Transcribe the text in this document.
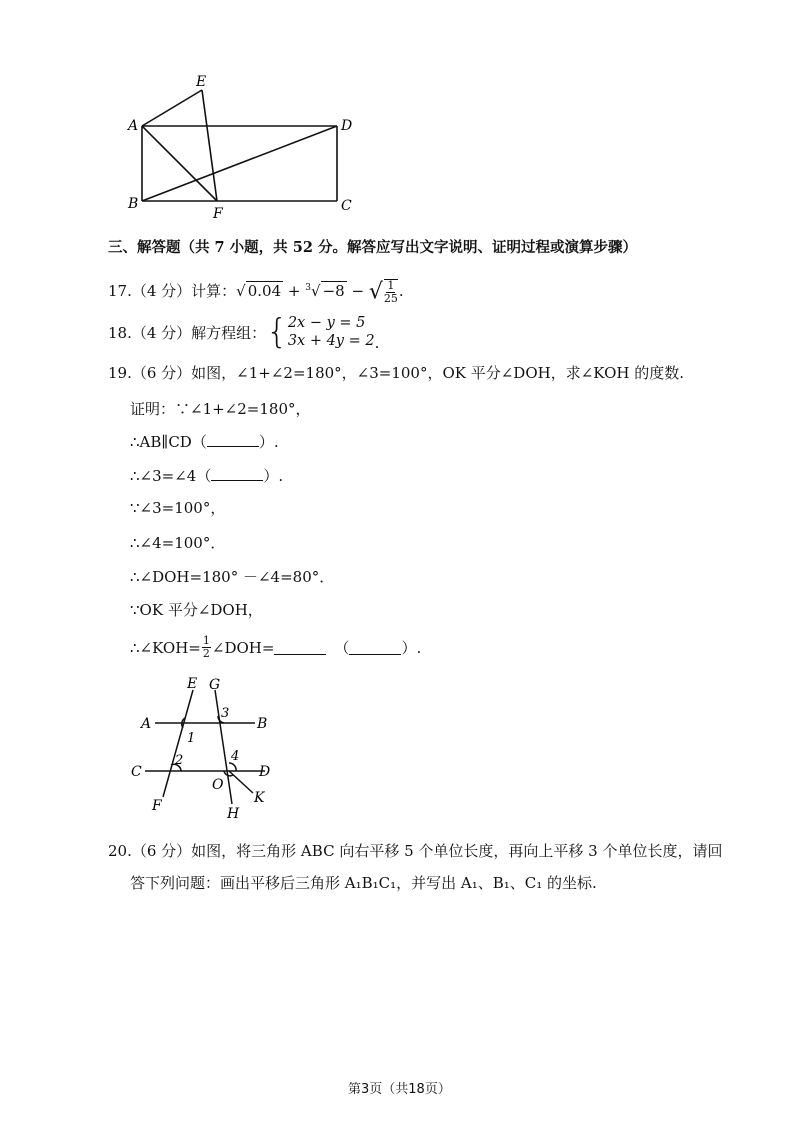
E
A	D
B
F	C
三、解答题（共 7 小题，共 52 分。解答应写出文字说明、证明过程或演算步骤）
17.（4 分）计算：√ 0.04 + $^3$√ −8 − √ $\frac{1}{25}$ .
18.（4 分）解方程组： { 2x − y = 5
3x + 4y = 2 .
19.（6 分）如图，∠1+∠2=180°，∠3=100°，OK 平分∠DOH，求∠KOH 的度数.
证明：∵∠1+∠2=180°，
∴AB∥CD（	）.
∴∠3=∠4（	）.
∵∠3=100°，
∴∠4=100°．
∴∠DOH=180° －∠4=80°．
∵OK 平分∠DOH，
∴∠KOH= $\frac{1}{2}$ ∠DOH=	（	）.
E G
A	B
C	D
F
O
H
K
1
2
3
4
20.（6 分）如图，将三角形 ABC 向右平移 5 个单位长度，再向上平移 3 个单位长度，请回
答下列问题：画出平移后三角形 A₁B₁C₁，并写出 A₁、B₁、C₁ 的坐标.
第3页（共18页）
